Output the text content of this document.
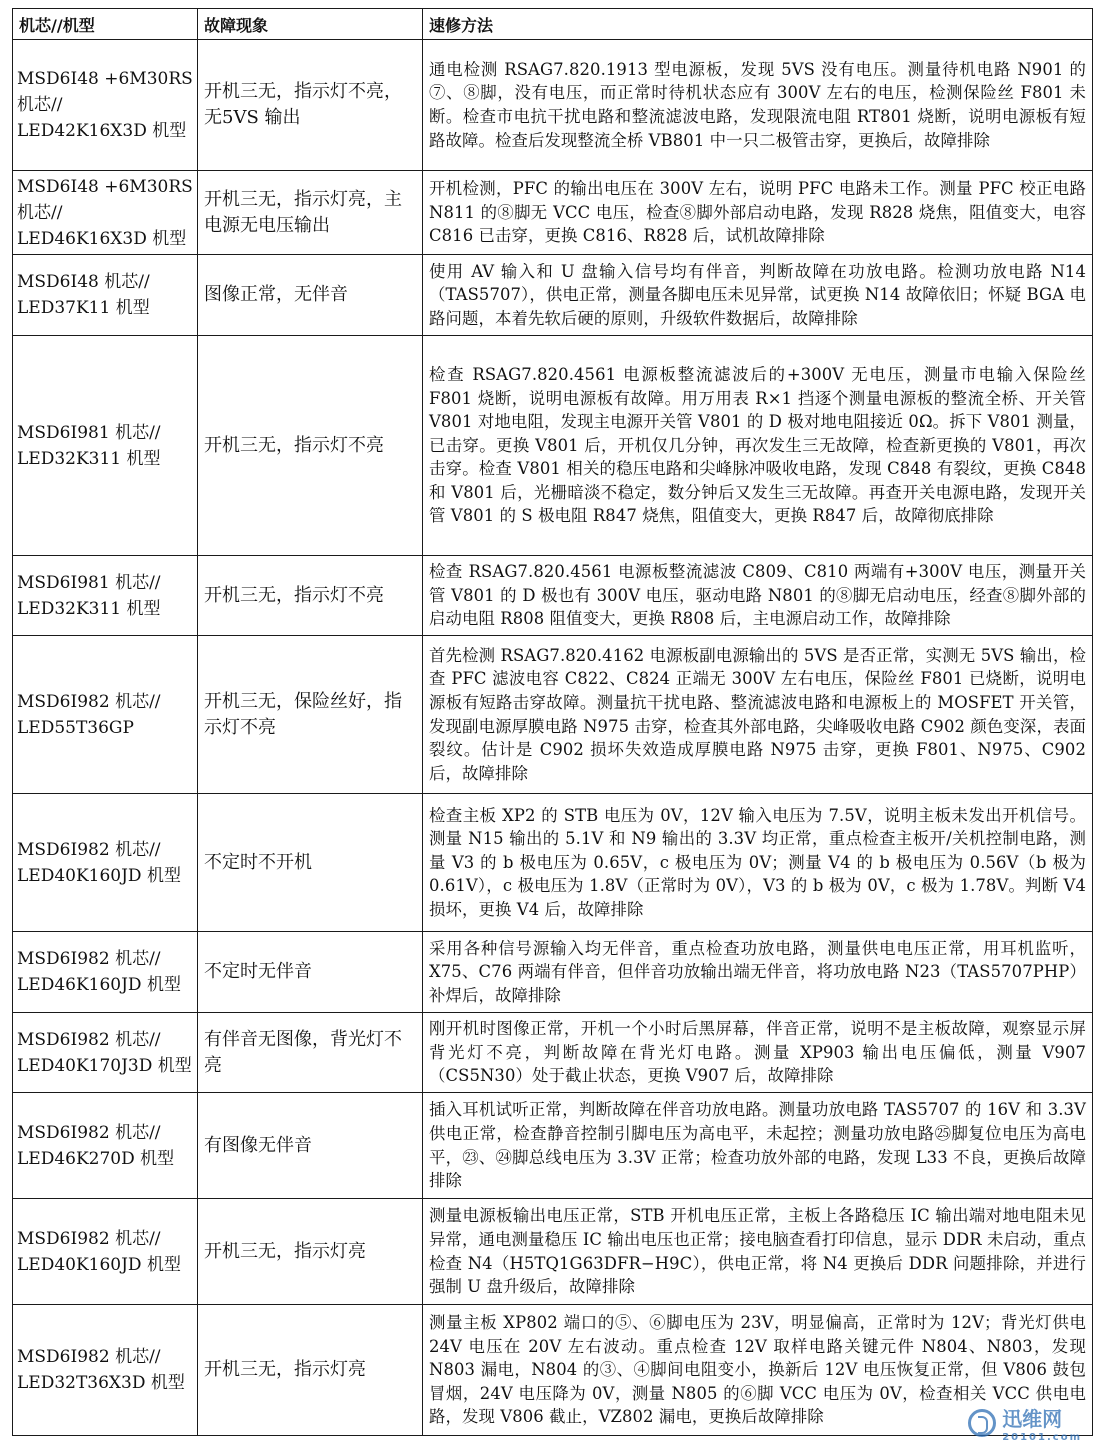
机芯//机型	故障现象	速修方法

MSD6I48 +6M30RS
机芯//
LED42K16X3D 机型	开机三无，指示灯不亮，无5VS 输出	通电检测 RSAG7.820.1913 型电源板，发现 5VS 没有电压。测量待机电路 N901 的⑦、⑧脚，没有电压，而正常时待机状态应有 300V 左右的电压，检测保险丝 F801 未断。检查市电抗干扰电路和整流滤波电路，发现限流电阻 RT801 烧断，说明电源板有短路故障。检查后发现整流全桥 VB801 中一只二极管击穿，更换后，故障排除

MSD6I48 +6M30RS
机芯//
LED46K16X3D 机型	开机三无，指示灯亮，主电源无电压输出	开机检测，PFC 的输出电压在 300V 左右，说明 PFC 电路未工作。测量 PFC 校正电路 N811 的⑧脚无 VCC 电压，检查⑧脚外部启动电路，发现 R828 烧焦，阻值变大，电容 C816 已击穿，更换 C816、R828 后，试机故障排除

MSD6I48 机芯//
LED37K11 机型	图像正常，无伴音	使用 AV 输入和 U 盘输入信号均有伴音，判断故障在功放电路。检测功放电路 N14（TAS5707），供电正常，测量各脚电压未见异常，试更换 N14 故障依旧；怀疑 BGA 电路问题，本着先软后硬的原则，升级软件数据后，故障排除

MSD6I981 机芯//
LED32K311 机型	开机三无，指示灯不亮	检查 RSAG7.820.4561 电源板整流滤波后的+300V 无电压，测量市电输入保险丝 F801 烧断，说明电源板有故障。用万用表 R×1 挡逐个测量电源板的整流全桥、开关管 V801 对地电阻，发现主电源开关管 V801 的 D 极对地电阻接近 0Ω。拆下 V801 测量，已击穿。更换 V801 后，开机仅几分钟，再次发生三无故障，检查新更换的 V801，再次击穿。检查 V801 相关的稳压电路和尖峰脉冲吸收电路，发现 C848 有裂纹，更换 C848 和 V801 后，光栅暗淡不稳定，数分钟后又发生三无故障。再查开关电源电路，发现开关管 V801 的 S 极电阻 R847 烧焦，阻值变大，更换 R847 后，故障彻底排除

MSD6I981 机芯//
LED32K311 机型	开机三无，指示灯不亮	检查 RSAG7.820.4561 电源板整流滤波 C809、C810 两端有+300V 电压，测量开关管 V801 的 D 极也有 300V 电压，驱动电路 N801 的⑧脚无启动电压，经查⑧脚外部的启动电阻 R808 阻值变大，更换 R808 后，主电源启动工作，故障排除

MSD6I982 机芯//
LED55T36GP	开机三无，保险丝好，指示灯不亮	首先检测 RSAG7.820.4162 电源板副电源输出的 5VS 是否正常，实测无 5VS 输出，检查 PFC 滤波电容 C822、C824 正端无 300V 左右电压，保险丝 F801 已烧断，说明电源板有短路击穿故障。测量抗干扰电路、整流滤波电路和电源板上的 MOSFET 开关管，发现副电源厚膜电路 N975 击穿，检查其外部电路，尖峰吸收电路 C902 颜色变深，表面裂纹。估计是 C902 损坏失效造成厚膜电路 N975 击穿，更换 F801、N975、C902 后，故障排除

MSD6I982 机芯//
LED40K160JD 机型	不定时不开机	检查主板 XP2 的 STB 电压为 0V，12V 输入电压为 7.5V，说明主板未发出开机信号。测量 N15 输出的 5.1V 和 N9 输出的 3.3V 均正常，重点检查主板开/关机控制电路，测量 V3 的 b 极电压为 0.65V，c 极电压为 0V；测量 V4 的 b 极电压为 0.56V（b 极为 0.61V），c 极电压为 1.8V（正常时为 0V），V3 的 b 极为 0V，c 极为 1.78V。判断 V4 损坏，更换 V4 后，故障排除

MSD6I982 机芯//
LED46K160JD 机型	不定时无伴音	采用各种信号源输入均无伴音，重点检查功放电路，测量供电电压正常，用耳机监听，X75、C76 两端有伴音，但伴音功放输出端无伴音，将功放电路 N23（TAS5707PHP）补焊后，故障排除

MSD6I982 机芯//
LED40K170J3D 机型	有伴音无图像，背光灯不亮	刚开机时图像正常，开机一个小时后黑屏幕，伴音正常，说明不是主板故障，观察显示屏背光灯不亮，判断故障在背光灯电路。测量 XP903 输出电压偏低，测量 V907（CS5N30）处于截止状态，更换 V907 后，故障排除

MSD6I982 机芯//
LED46K270D 机型	有图像无伴音	插入耳机试听正常，判断故障在伴音功放电路。测量功放电路 TAS5707 的 16V 和 3.3V 供电正常，检查静音控制引脚电压为高电平，未起控；测量功放电路㉕脚复位电压为高电平，㉓、㉔脚总线电压为 3.3V 正常；检查功放外部的电路，发现 L33 不良，更换后故障排除

MSD6I982 机芯//
LED40K160JD 机型	开机三无，指示灯亮	测量电源板输出电压正常，STB 开机电压正常，主板上各路稳压 IC 输出端对地电阻未见异常，通电测量稳压 IC 输出电压也正常；接电脑查看打印信息，显示 DDR 未启动，重点检查 N4（H5TQ1G63DFR−H9C），供电正常，将 N4 更换后 DDR 问题排除，并进行强制 U 盘升级后，故障排除

MSD6I982 机芯//
LED32T36X3D 机型	开机三无，指示灯亮	测量主板 XP802 端口的⑤、⑥脚电压为 23V，明显偏高，正常时为 12V；背光灯供电 24V 电压在 20V 左右波动。重点检查 12V 取样电路关键元件 N804、N803，发现 N803 漏电，N804 的③、④脚间电阻变小，换新后 12V 电压恢复正常，但 V806 鼓包冒烟，24V 电压降为 0V，测量 N805 的⑥脚 VCC 电压为 0V，检查相关 VCC 供电电路，发现 V806 截止，VZ802 漏电，更换后故障排除	迅维网
20101.com
